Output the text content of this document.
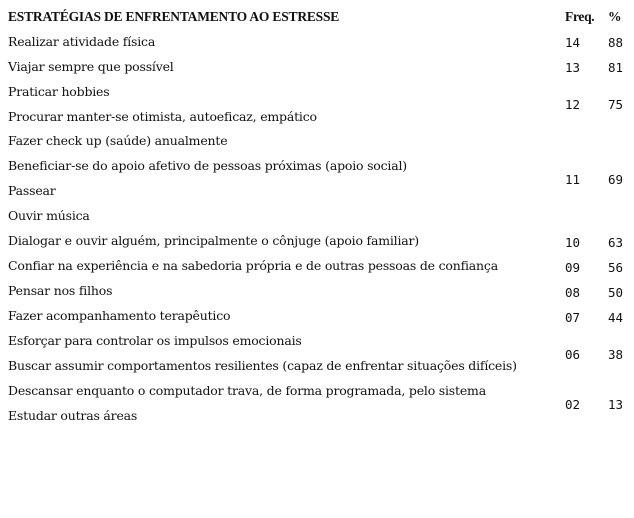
ESTRATÉGIAS DE ENFRENTAMENTO AO ESTRESSE	Freq. %
Realizar atividade física
Viajar sempre que possível
Praticar hobbies
Procurar manter-se otimista, autoeficaz, empático
Fazer check up (saúde) anualmente
Beneficiar-se do apoio afetivo de pessoas próximas (apoio social)
Passear
Ouvir música
Dialogar e ouvir alguém, principalmente o cônjuge (apoio familiar)
Confiar na experiência e na sabedoria própria e de outras pessoas de confiança
Pensar nos filhos
Fazer acompanhamento terapêutico
Esforçar para controlar os impulsos emocionais
Buscar assumir comportamentos resilientes (capaz de enfrentar situações difíceis)
Descansar enquanto o computador trava, de forma programada, pelo sistema
Estudar outras áreas
14 88
13 81
12 75
11 69
10 63
09 56
08 50
07 44
06 38
02 13
